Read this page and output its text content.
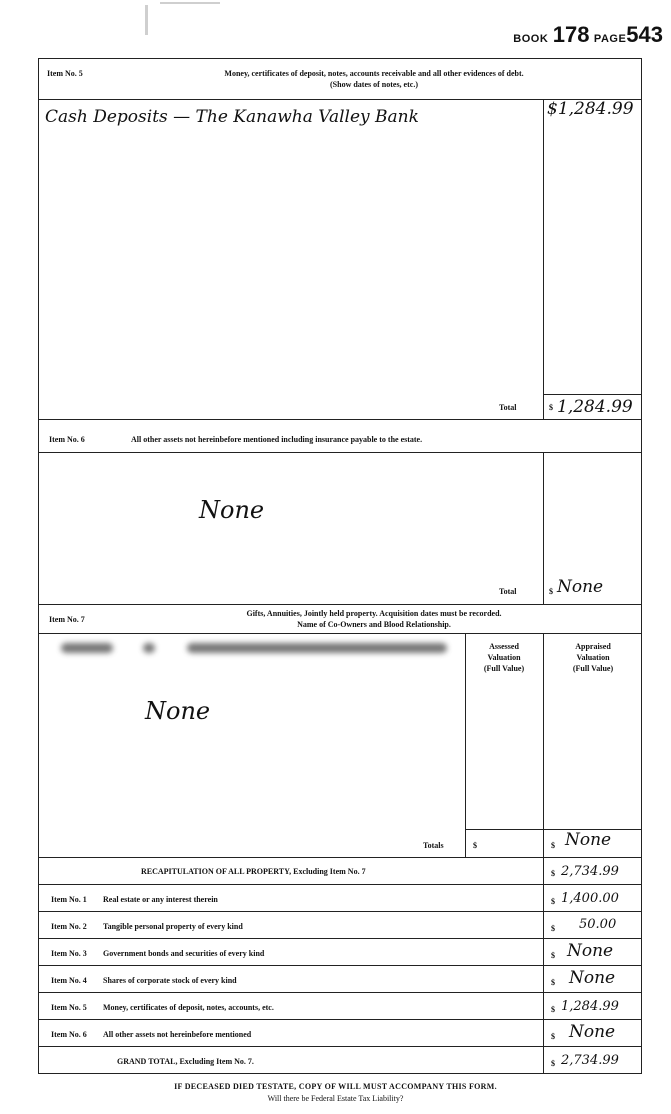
BOOK 178 PAGE543
Item No. 5	Money, certificates of deposit, notes, accounts receivable and all other evidences of debt.
(Show dates of notes, etc.)
Cash Deposits — The Kanawha Valley Bank	$1,284.99
Total	$ 1,284.99
Item No. 6	All other assets not hereinbefore mentioned including insurance payable to the estate.
None
Total	$ None
Item No. 7
Gifts, Annuities, Jointly held property. Acquisition dates must be recorded.
Name of Co-Owners and Blood Relationship.
Assessed
Valuation
(Full Value)
Appraised
Valuation
(Full Value)
None
Totals	$	$ None
RECAPITULATION OF ALL PROPERTY, Excluding Item No. 7	$ 2,734.99
Item No. 1 Real estate or any interest therein	$ 1,400.00
Item No. 2 Tangible personal property of every kind	$ 50.00
Item No. 3 Government bonds and securities of every kind	$ None
Item No. 4 Shares of corporate stock of every kind	$ None
Item No. 5 Money, certificates of deposit, notes, accounts, etc.	$ 1,284.99
Item No. 6 All other assets not hereinbefore mentioned	$ None
GRAND TOTAL, Excluding Item No. 7.	$ 2,734.99
IF DECEASED DIED TESTATE, COPY OF WILL MUST ACCOMPANY THIS FORM.
Will there be Federal Estate Tax Liability?
